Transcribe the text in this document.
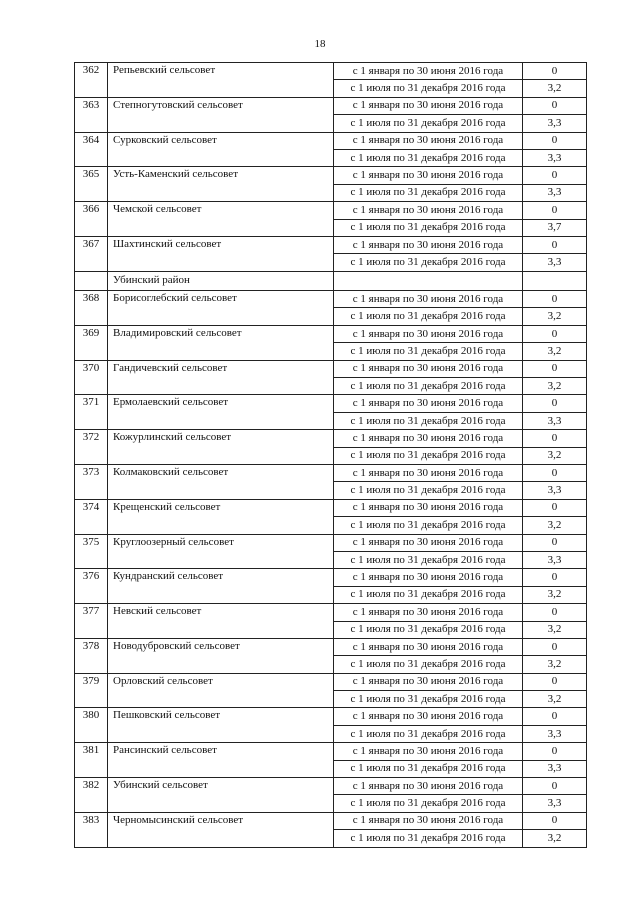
18
362	Репьевский сельсовет	с 1 января по 30 июня 2016 года	0
		с 1 июля по 31 декабря 2016 года	3,2
363	Степногутовский сельсовет	с 1 января по 30 июня 2016 года	0
		с 1 июля по 31 декабря 2016 года	3,3
364	Сурковский сельсовет	с 1 января по 30 июня 2016 года	0
		с 1 июля по 31 декабря 2016 года	3,3
365	Усть-Каменский сельсовет	с 1 января по 30 июня 2016 года	0
		с 1 июля по 31 декабря 2016 года	3,3
366	Чемской сельсовет	с 1 января по 30 июня 2016 года	0
		с 1 июля по 31 декабря 2016 года	3,7
367	Шахтинский сельсовет	с 1 января по 30 июня 2016 года	0
		с 1 июля по 31 декабря 2016 года	3,3
	Убинский район		
368	Борисоглебский сельсовет	с 1 января по 30 июня 2016 года	0
		с 1 июля по 31 декабря 2016 года	3,2
369	Владимировский сельсовет	с 1 января по 30 июня 2016 года	0
		с 1 июля по 31 декабря 2016 года	3,2
370	Гандичевский сельсовет	с 1 января по 30 июня 2016 года	0
		с 1 июля по 31 декабря 2016 года	3,2
371	Ермолаевский сельсовет	с 1 января по 30 июня 2016 года	0
		с 1 июля по 31 декабря 2016 года	3,3
372	Кожурлинский сельсовет	с 1 января по 30 июня 2016 года	0
		с 1 июля по 31 декабря 2016 года	3,2
373	Колмаковский сельсовет	с 1 января по 30 июня 2016 года	0
		с 1 июля по 31 декабря 2016 года	3,3
374	Крещенский сельсовет	с 1 января по 30 июня 2016 года	0
		с 1 июля по 31 декабря 2016 года	3,2
375	Круглоозерный сельсовет	с 1 января по 30 июня 2016 года	0
		с 1 июля по 31 декабря 2016 года	3,3
376	Кундранский сельсовет	с 1 января по 30 июня 2016 года	0
		с 1 июля по 31 декабря 2016 года	3,2
377	Невский сельсовет	с 1 января по 30 июня 2016 года	0
		с 1 июля по 31 декабря 2016 года	3,2
378	Новодубровский сельсовет	с 1 января по 30 июня 2016 года	0
		с 1 июля по 31 декабря 2016 года	3,2
379	Орловский сельсовет	с 1 января по 30 июня 2016 года	0
		с 1 июля по 31 декабря 2016 года	3,2
380	Пешковский сельсовет	с 1 января по 30 июня 2016 года	0
		с 1 июля по 31 декабря 2016 года	3,3
381	Рансинский сельсовет	с 1 января по 30 июня 2016 года	0
		с 1 июля по 31 декабря 2016 года	3,3
382	Убинский сельсовет	с 1 января по 30 июня 2016 года	0
		с 1 июля по 31 декабря 2016 года	3,3
383	Черномысинский сельсовет	с 1 января по 30 июня 2016 года	0
		с 1 июля по 31 декабря 2016 года	3,2
